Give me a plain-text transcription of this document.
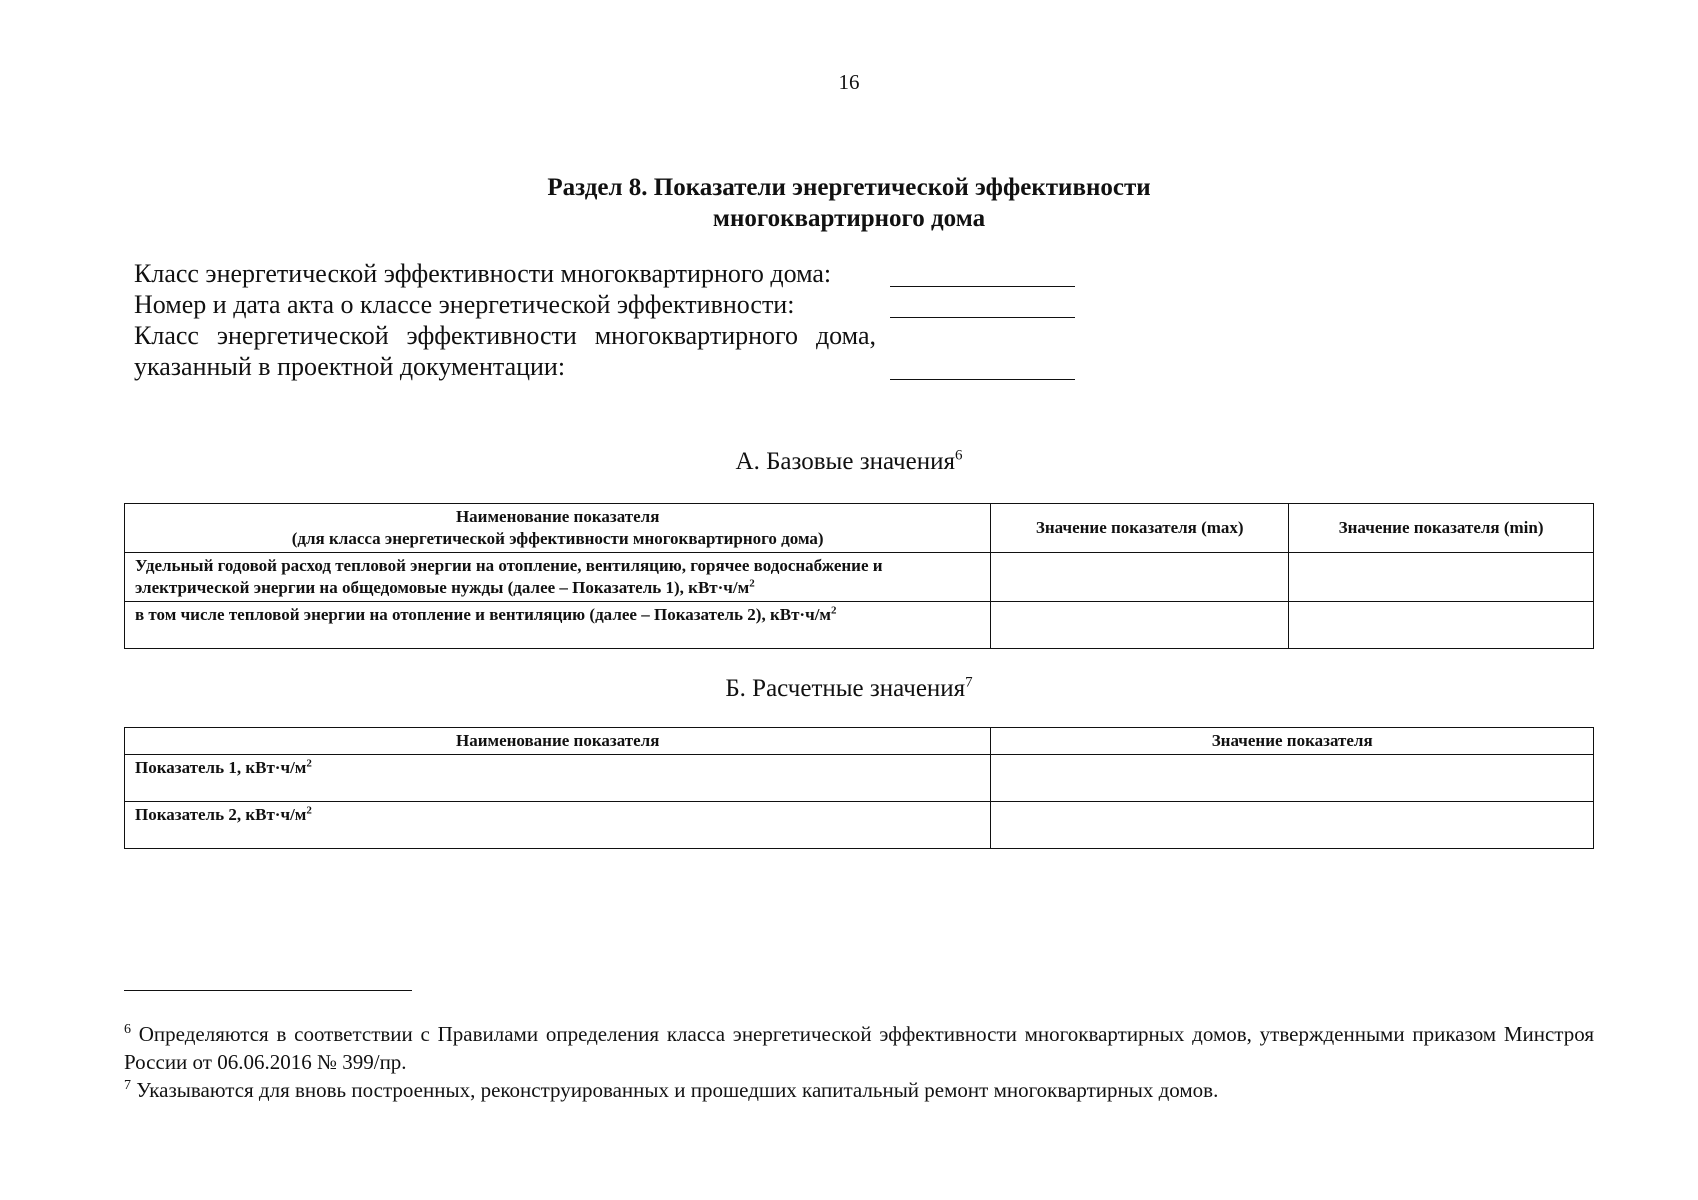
16
Раздел 8. Показатели энергетической эффективности
многоквартирного дома
Класс энергетической эффективности многоквартирного дома:
Номер и дата акта о классе энергетической эффективности:
Класс энергетической эффективности многоквартирного дома,
указанный в проектной документации:
А. Базовые значения$^6$
Наименование показателя
(для класса энергетической эффективности многоквартирного дома)	Значение показателя (max)	Значение показателя (min)
Удельный годовой расход тепловой энергии на отопление, вентиляцию, горячее водоснабжение и электрической энергии на общедомовые нужды (далее – Показатель 1), $кВт\cdot ч/м^2$		
в том числе тепловой энергии на отопление и вентиляцию (далее – Показатель 2), $кВт\cdot ч/м^2$		
Б. Расчетные значения$^7$
Наименование показателя	Значение показателя
Показатель 1, $кВт\cdot ч/м^2$	
Показатель 2, $кВт\cdot ч/м^2$	

$^6$ Определяются в соответствии с Правилами определения класса энергетической эффективности многоквартирных домов, утвержденными приказом Минстроя России от 06.06.2016 № 399/пр.

$^7$ Указываются для вновь построенных, реконструированных и прошедших капитальный ремонт многоквартирных домов.
